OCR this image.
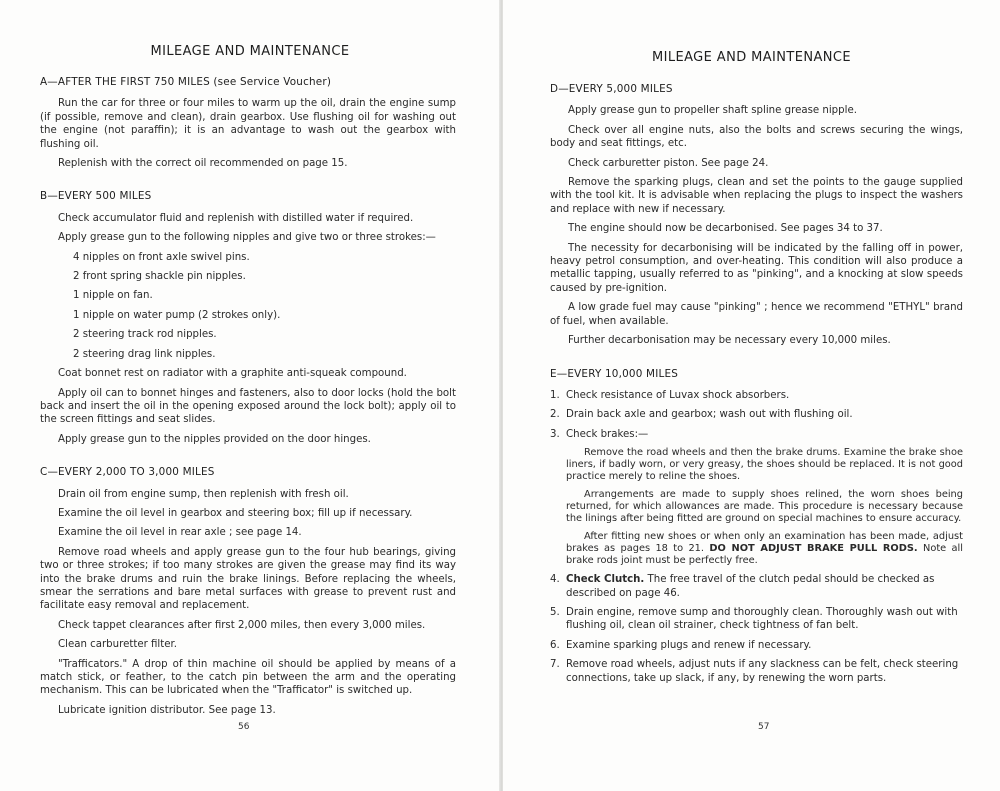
MILEAGE AND MAINTENANCE
A—AFTER THE FIRST 750 MILES (see Service Voucher)

Run the car for three or four miles to warm up the oil, drain the engine sump (if possible, remove and clean), drain gearbox. Use flushing oil for washing out the engine (not paraffin); it is an advantage to wash out the gearbox with flushing oil.

Replenish with the correct oil recommended on page 15.

B—EVERY 500 MILES

Check accumulator fluid and replenish with distilled water if required.

Apply grease gun to the following nipples and give two or three strokes:—

4 nipples on front axle swivel pins.

2 front spring shackle pin nipples.

1 nipple on fan.

1 nipple on water pump (2 strokes only).

2 steering track rod nipples.

2 steering drag link nipples.

Coat bonnet rest on radiator with a graphite anti-squeak compound.

Apply oil can to bonnet hinges and fasteners, also to door locks (hold the bolt back and insert the oil in the opening exposed around the lock bolt); apply oil to the screen fittings and seat slides.

Apply grease gun to the nipples provided on the door hinges.

C—EVERY 2,000 TO 3,000 MILES

Drain oil from engine sump, then replenish with fresh oil.

Examine the oil level in gearbox and steering box; fill up if necessary.

Examine the oil level in rear axle ; see page 14.

Remove road wheels and apply grease gun to the four hub bearings, giving two or three strokes; if too many strokes are given the grease may find its way into the brake drums and ruin the brake linings. Before replacing the wheels, smear the serrations and bare metal surfaces with grease to prevent rust and facilitate easy removal and replacement.

Check tappet clearances after first 2,000 miles, then every 3,000 miles.

Clean carburetter filter.

"Trafficators." A drop of thin machine oil should be applied by means of a match stick, or feather, to the catch pin between the arm and the operating mechanism. This can be lubricated when the "Trafficator" is switched up.

Lubricate ignition distributor. See page 13.

56
MILEAGE AND MAINTENANCE
D—EVERY 5,000 MILES

Apply grease gun to propeller shaft spline grease nipple.

Check over all engine nuts, also the bolts and screws securing the wings, body and seat fittings, etc.

Check carburetter piston. See page 24.

Remove the sparking plugs, clean and set the points to the gauge supplied with the tool kit. It is advisable when replacing the plugs to inspect the washers and replace with new if necessary.

The engine should now be decarbonised. See pages 34 to 37.

The necessity for decarbonising will be indicated by the falling off in power, heavy petrol consumption, and over-heating. This condition will also produce a metallic tapping, usually referred to as "pinking", and a knocking at slow speeds caused by pre-ignition.

A low grade fuel may cause "pinking" ; hence we recommend "ETHYL" brand of fuel, when available.

Further decarbonisation may be necessary every 10,000 miles.

E—EVERY 10,000 MILES

1. Check resistance of Luvax shock absorbers.

2. Drain back axle and gearbox; wash out with flushing oil.

3. Check brakes:—

Remove the road wheels and then the brake drums. Examine the brake shoe liners, if badly worn, or very greasy, the shoes should be replaced. It is not good practice merely to reline the shoes.

Arrangements are made to supply shoes relined, the worn shoes being returned, for which allowances are made. This procedure is necessary because the linings after being fitted are ground on special machines to ensure accuracy.

After fitting new shoes or when only an examination has been made, adjust brakes as pages 18 to 21. DO NOT ADJUST BRAKE PULL RODS. Note all brake rods joint must be perfectly free.

4. Check Clutch. The free travel of the clutch pedal should be checked as described on page 46.

5. Drain engine, remove sump and thoroughly clean. Thoroughly wash out with flushing oil, clean oil strainer, check tightness of fan belt.

6. Examine sparking plugs and renew if necessary.

7. Remove road wheels, adjust nuts if any slackness can be felt, check steering connections, take up slack, if any, by renewing the worn parts.

57
